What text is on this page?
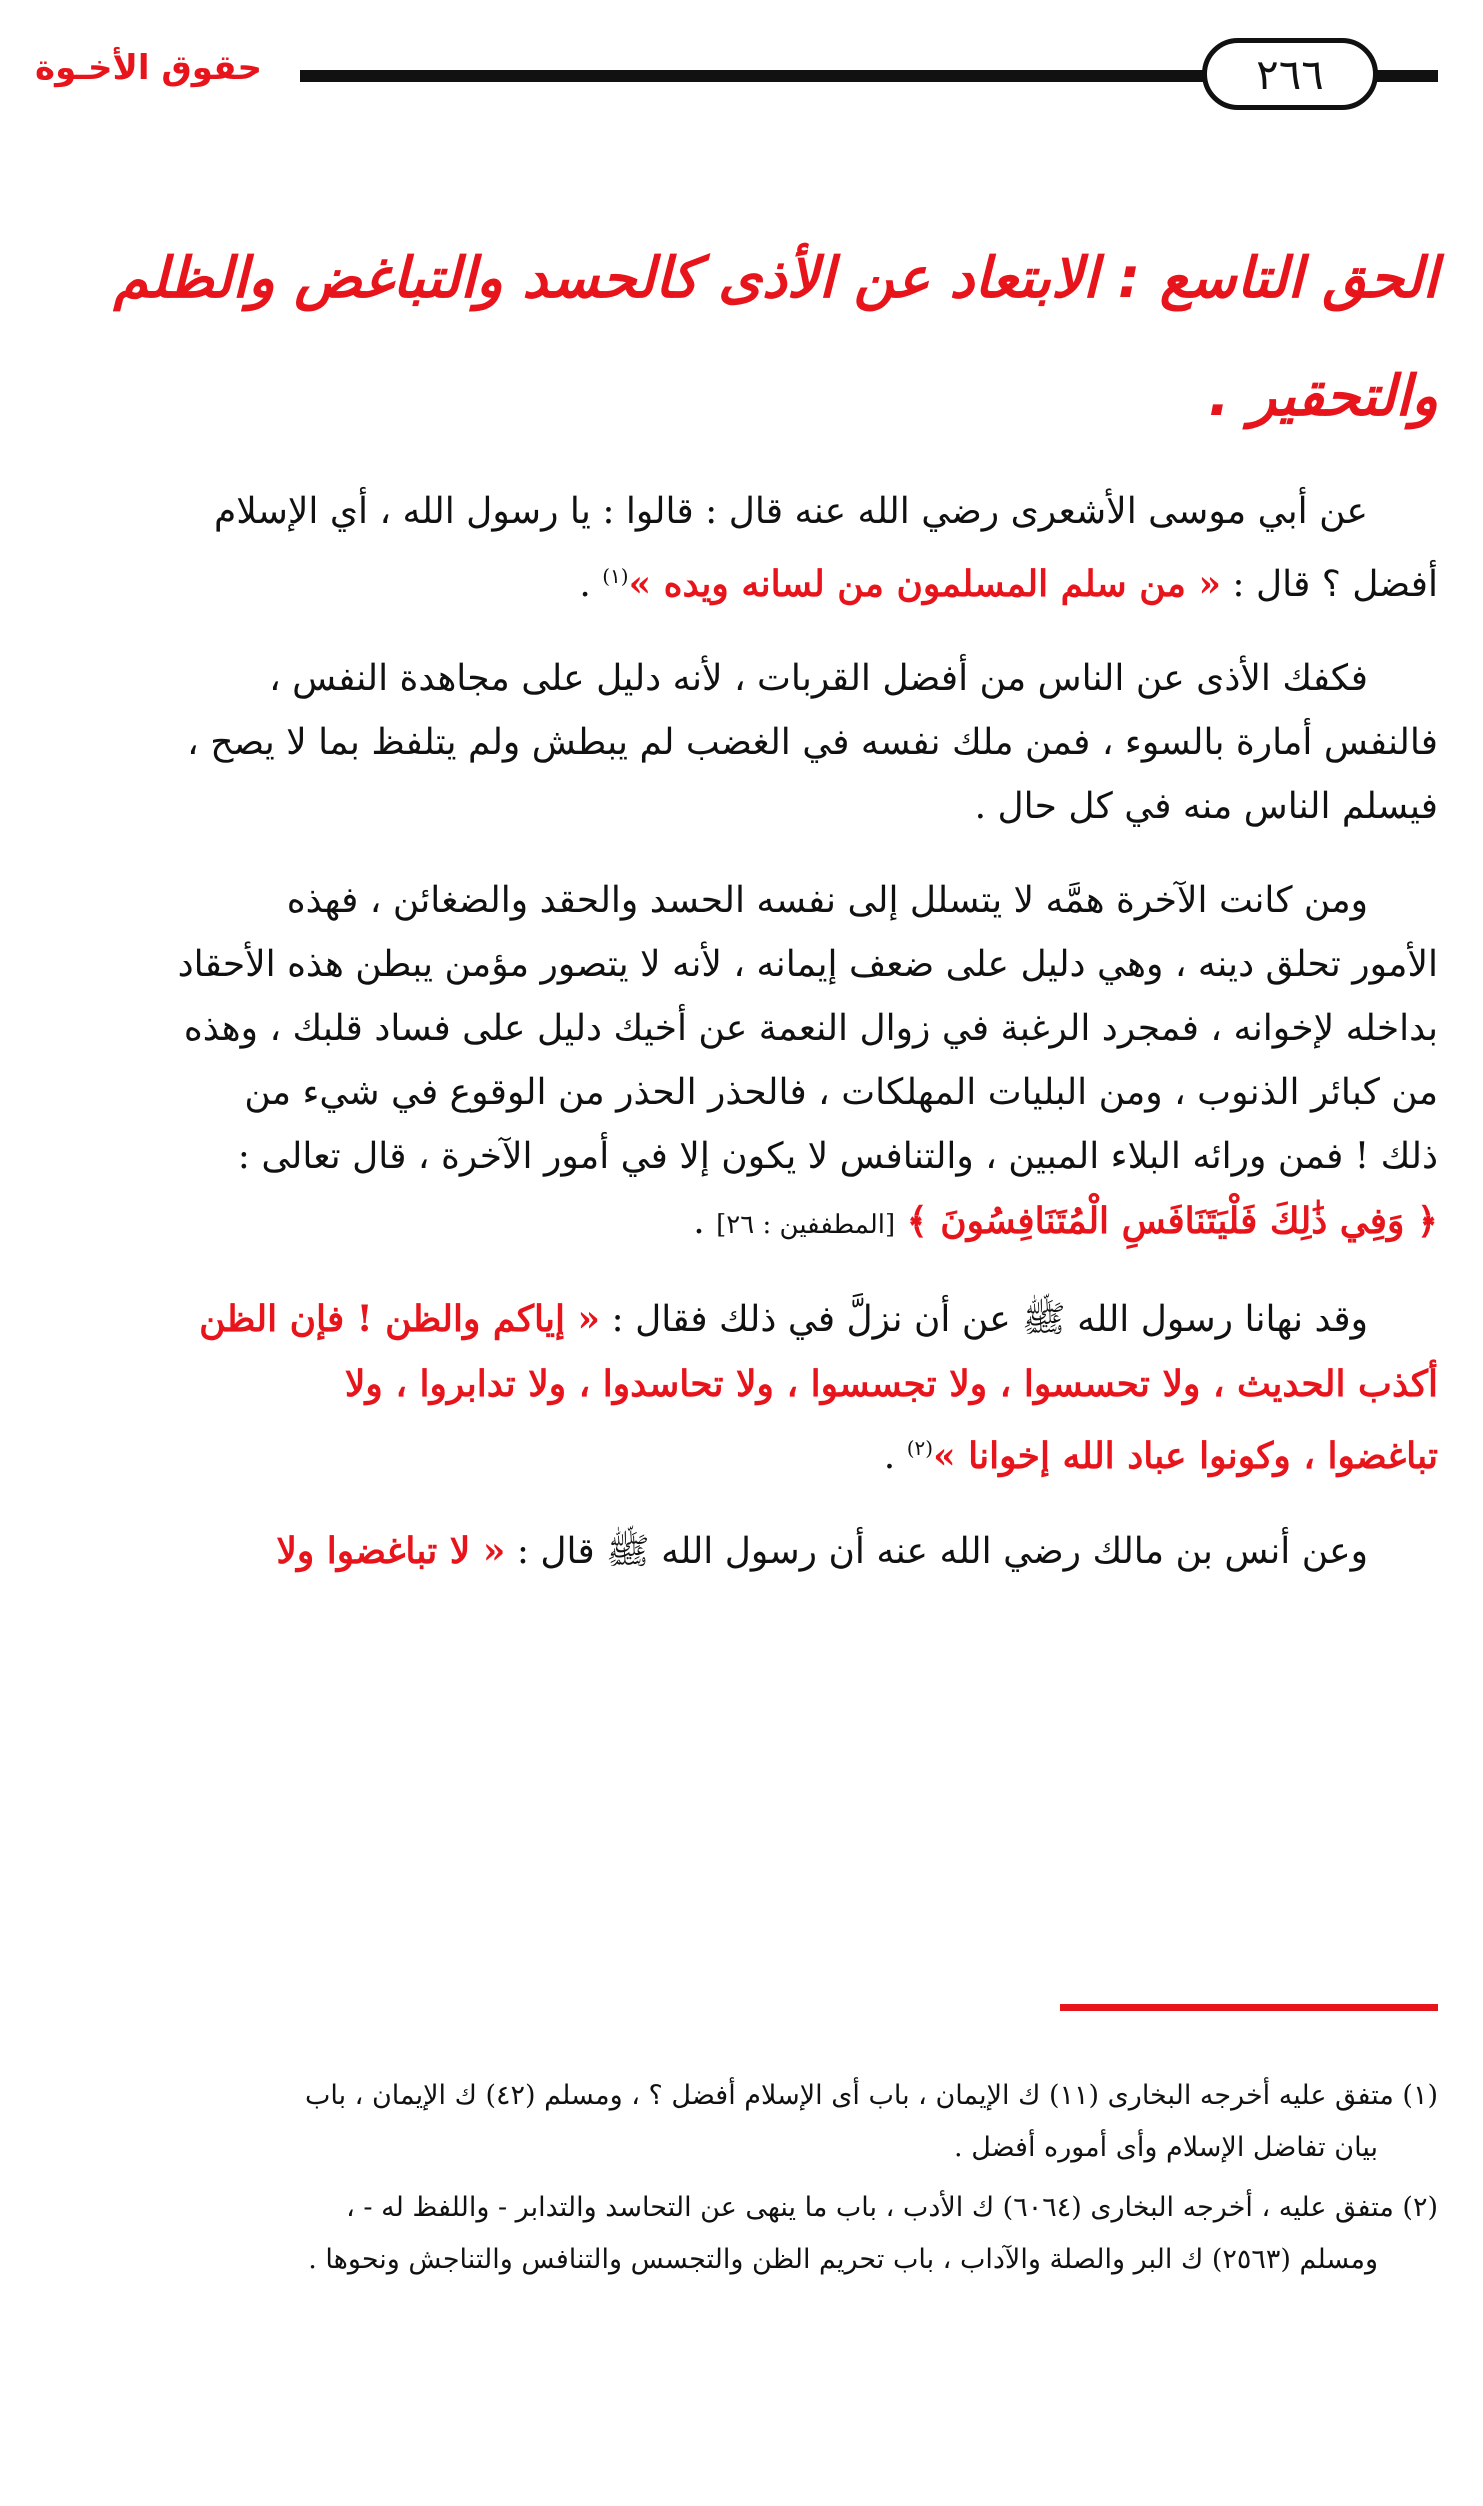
٢٦٦
حقوق الأخـوة
الحق التاسع : الابتعاد عن الأذى كالحسد والتباغض والظلم
والتحقير .
عن أبي موسى الأشعرى رضي الله عنه قال : قالوا : يا رسول الله ، أي الإسلام
أفضل ؟ قال : « من سلم المسلمون من لسانه ويده »$^{(١)}$ .
فكفك الأذى عن الناس من أفضل القربات ، لأنه دليل على مجاهدة النفس ،
فالنفس أمارة بالسوء ، فمن ملك نفسه في الغضب لم يبطش ولم يتلفظ بما لا يصح ،
فيسلم الناس منه في كل حال .
ومن كانت الآخرة همَّه لا يتسلل إلى نفسه الحسد والحقد والضغائن ، فهذه
الأمور تحلق دينه ، وهي دليل على ضعف إيمانه ، لأنه لا يتصور مؤمن يبطن هذه الأحقاد
بداخله لإخوانه ، فمجرد الرغبة في زوال النعمة عن أخيك دليل على فساد قلبك ، وهذه
من كبائر الذنوب ، ومن البليات المهلكات ، فالحذر الحذر من الوقوع في شيء من
ذلك ! فمن ورائه البلاء المبين ، والتنافس لا يكون إلا في أمور الآخرة ، قال تعالى :
﴿ وَفِي ذَٰلِكَ فَلْيَتَنَافَسِ الْمُتَنَافِسُونَ ﴾ [المطففين : ٢٦] .
وقد نهانا رسول الله ﷺ عن أن نزلَّ في ذلك فقال : « إياكم والظن ! فإن الظن
أكذب الحديث ، ولا تحسسوا ، ولا تجسسوا ، ولا تحاسدوا ، ولا تدابروا ، ولا
تباغضوا ، وكونوا عباد الله إخوانا »$^{(٢)}$ .
وعن أنس بن مالك رضي الله عنه أن رسول الله ﷺ قال : « لا تباغضوا ولا
(١) متفق عليه أخرجه البخارى (١١) ك الإيمان ، باب أى الإسلام أفضل ؟ ، ومسلم (٤٢) ك الإيمان ، باب
بيان تفاضل الإسلام وأى أموره أفضل .
(٢) متفق عليه ، أخرجه البخارى (٦٠٦٤) ك الأدب ، باب ما ينهى عن التحاسد والتدابر - واللفظ له - ،
ومسلم (٢٥٦٣) ك البر والصلة والآداب ، باب تحريم الظن والتجسس والتنافس والتناجش ونحوها .
